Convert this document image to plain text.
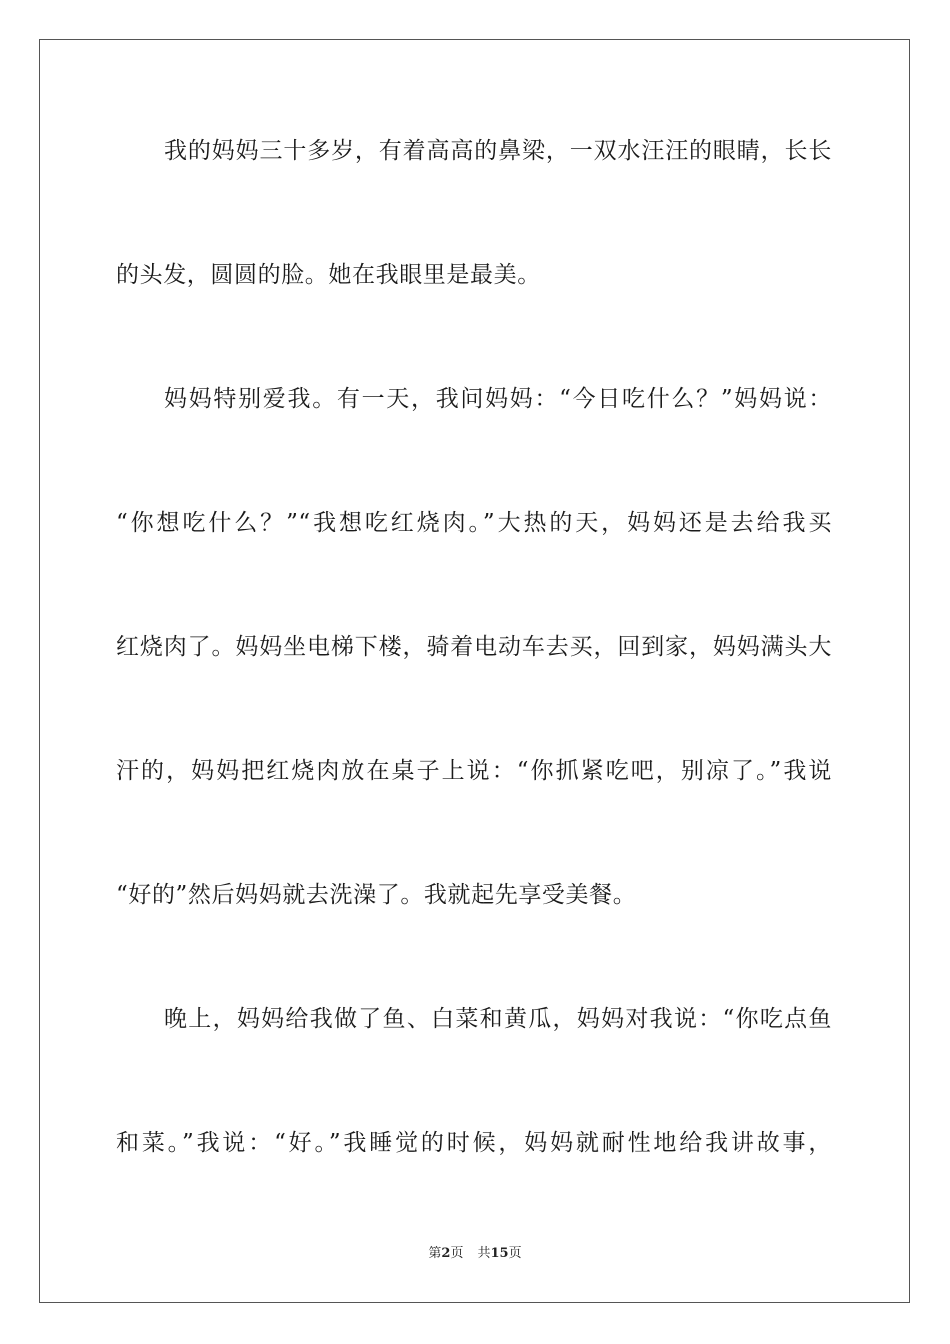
我的妈妈三十多岁，有着高高的鼻梁，一双水汪汪的眼睛，长长
的头发，圆圆的脸。她在我眼里是最美。
妈妈特别爱我。有一天，我问妈妈：“今日吃什么？”妈妈说：
“你想吃什么？”“我想吃红烧肉。”大热的天，妈妈还是去给我买
红烧肉了。妈妈坐电梯下楼，骑着电动车去买，回到家，妈妈满头大
汗的，妈妈把红烧肉放在桌子上说：“你抓紧吃吧，别凉了。”我说
“好的”然后妈妈就去洗澡了。我就起先享受美餐。
晚上，妈妈给我做了鱼、白菜和黄瓜，妈妈对我说：“你吃点鱼
和菜。”我说：“好。”我睡觉的时候，妈妈就耐性地给我讲故事，
第2页 共15页
